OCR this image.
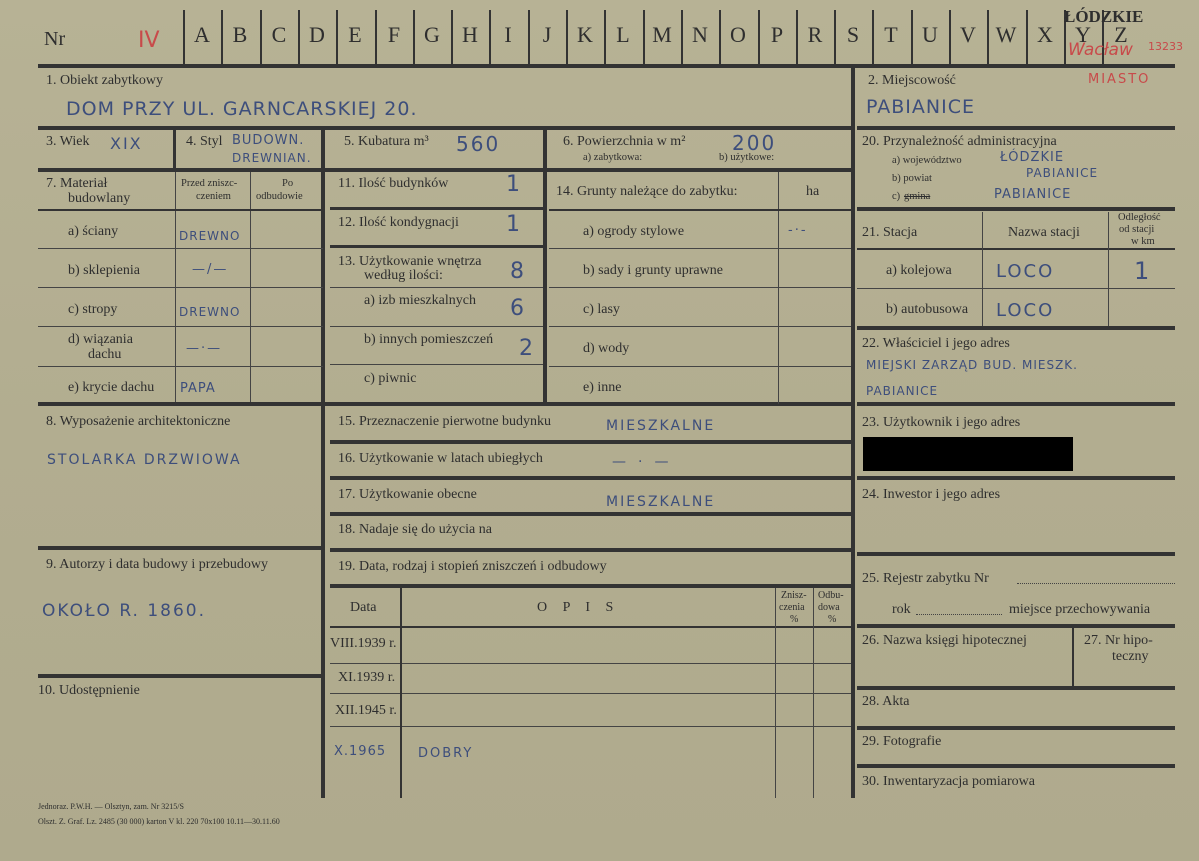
Nr	IV	A	B	C	D	E	F	G	H	I	J	K	L	M N	O	P	R	S	T	U	V W X	Y	Z
ŁÓDZKIE
Wacław 13233
MIASTO
1. Obiekt zabytkowy
DOM PRZY UL. GARNCARSKIEJ 20.
2. Miejscowość
PABIANICE
3. Wiek XIX	4. Styl BUDOWN.
DREWNIAN.
5. Kubatura m³ 560	6. Powierzchnia w m² 200
a) zabytkowa:	b) użytkowe:
7. Materiał
budowlany
Przed zniszc-
czeniem
Po
odbudowie
a) ściany	DREWNO
b) sklepienia	—/—
c) stropy	DREWNO
d) wiązania
dachu	—·—
e) krycie dachu PAPA
11. Ilość budynków	1
12. Ilość kondygnacji 1
13. Użytkowanie wnętrza
według ilości:	8
a) izb mieszkalnych 6
b) innych pomieszczeń 2
c) piwnic
14. Grunty należące do zabytku:	ha
a) ogrody stylowe	-·-
b) sady i grunty uprawne
c) lasy
d) wody
e) inne
20. Przynależność administracyjna
a) województwo	ŁÓDZKIE
b) powiat	PABIANICE
c) gmina	PABIANICE
21. Stacja	Nazwa stacji
Odległość
od stacji
w km
a) kolejowa LOCO	1
b) autobusowa LOCO
22. Właściciel i jego adres
MIEJSKI ZARZĄD BUD. MIESZK.
PABIANICE
23. Użytkownik i jego adres
24. Inwestor i jego adres
25. Rejestr zabytku Nr
rok	miejsce przechowywania
26. Nazwa księgi hipotecznej	27. Nr hipo-
teczny
28. Akta
29. Fotografie
30. Inwentaryzacja pomiarowa
8. Wyposażenie architektoniczne
STOLARKA DRZWIOWA
9. Autorzy i data budowy i przebudowy
OKOŁO R. 1860.
10. Udostępnienie
15. Przeznaczenie pierwotne budynku	MIESZKALNE
16. Użytkowanie w latach ubiegłych	—·—
17. Użytkowanie obecne	MIESZKALNE
18. Nadaje się do użycia na
19. Data, rodzaj i stopień zniszczeń i odbudowy
Data	O P I S
Znisz-
czenia
%
Odbu-
dowa
%
VIII.1939 r.
XI.1939 r.
XII.1945 r.
X.1965 DOBRY
Jednoraz. P.W.H. — Olsztyn, zam. Nr 3215/S
Olszt. Z. Graf. Lz. 2485 (30 000) karton V kl. 220 70x100 10.11—30.11.60
